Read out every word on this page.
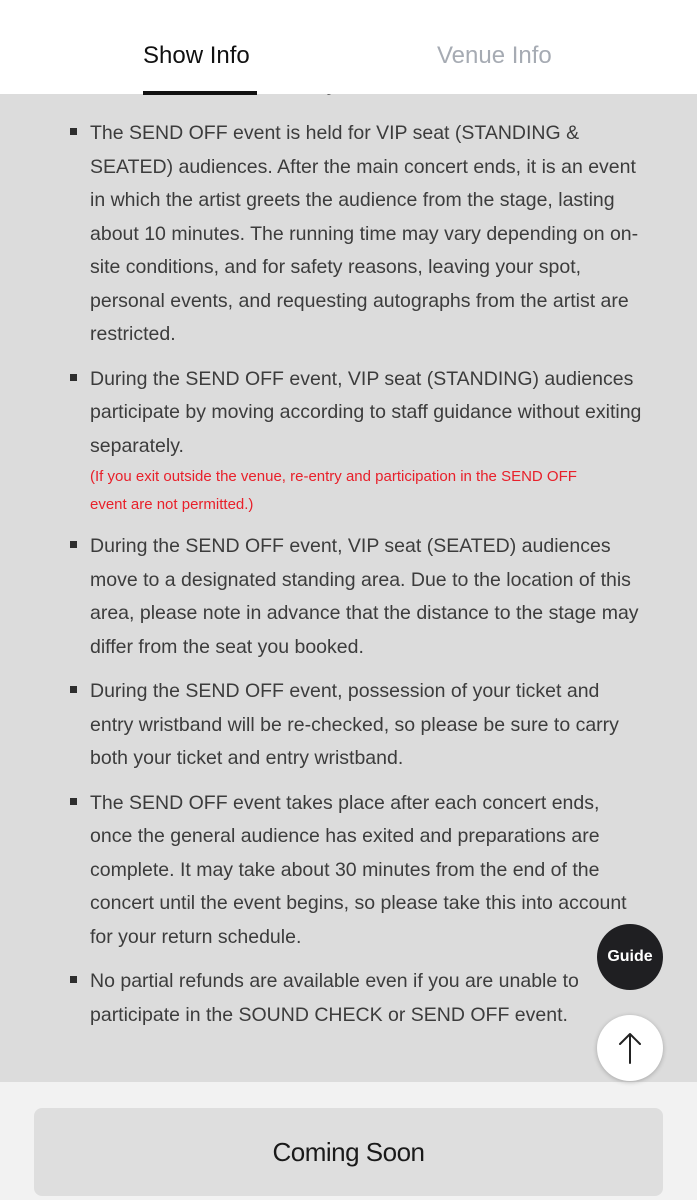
The SEND OFF event is held for VIP seat (STANDING & SEATED) audiences. After the main concert ends, it is an event in which the artist greets the audience from the stage, lasting about 10 minutes. The running time may vary depending on on-site conditions, and for safety reasons, leaving your spot, personal events, and requesting autographs from the artist are restricted.
During the SEND OFF event, VIP seat (STANDING) audiences participate by moving according to staff guidance without exiting separately.
(If you exit outside the venue, re-entry and participation in the SEND OFF event are not permitted.)
During the SEND OFF event, VIP seat (SEATED) audiences move to a designated standing area. Due to the location of this area, please note in advance that the distance to the stage may differ from the seat you booked.
During the SEND OFF event, possession of your ticket and entry wristband will be re-checked, so please be sure to carry both your ticket and entry wristband.
The SEND OFF event takes place after each concert ends, once the general audience has exited and preparations are complete. It may take about 30 minutes from the end of the concert until the event begins, so please take this into account for your return schedule.
No partial refunds are available even if you are unable to participate in the SOUND CHECK or SEND OFF event.
Show Info	Venue Info
Guide
Coming Soon
